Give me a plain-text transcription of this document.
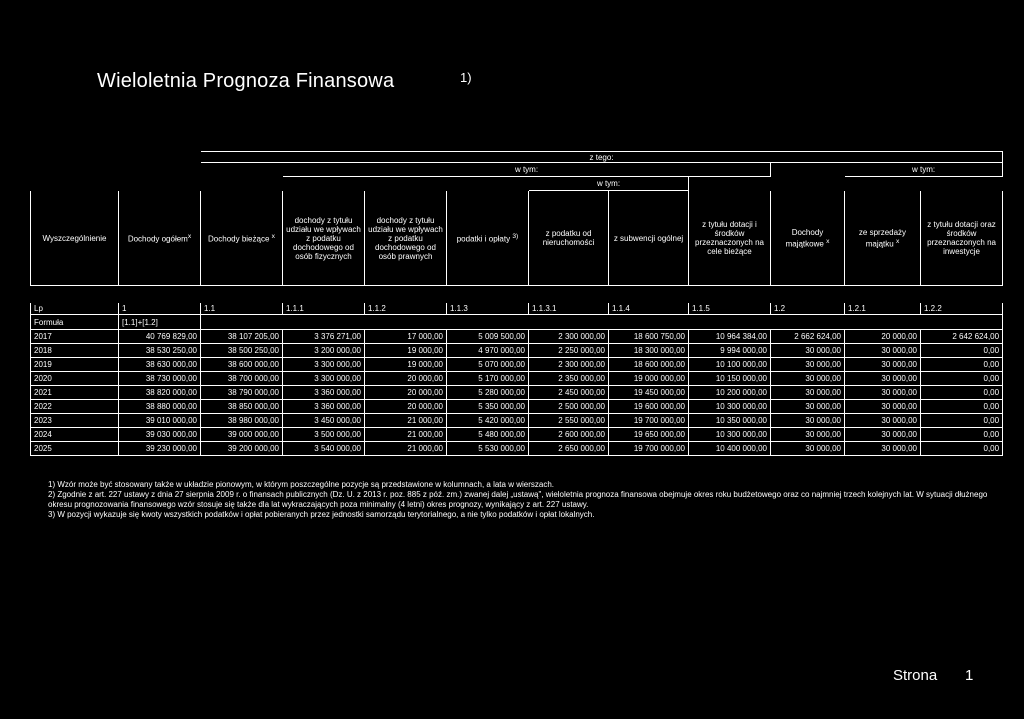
Wieloletnia Prognoza Finansowa	1)
		z tego:									
			w tym:							w tym:	
						w tym:					
Wyszczególnienie	Dochody ogółem$^x$	Dochody bieżące $^x$	dochody z tytułu udziału we wpływach z podatku dochodowego od osób fizycznych	dochody z tytułu udziału we wpływach z podatku dochodowego od osób prawnych	podatki i opłaty $^{3)}$	z podatku od nieruchomości	z subwencji ogólnej	z tytułu dotacji i środków przeznaczonych na cele bieżące	Dochody majątkowe $^x$	ze sprzedaży majątku $^x$	z tytułu dotacji oraz środków przeznaczonych na inwestycje

Lp	1	1.1	1.1.1	1.1.2	1.1.3	1.1.3.1	1.1.4	1.1.5	1.2	1.2.1	1.2.2
Formuła	[1.1]+[1.2]										
2017	40 769 829,00	38 107 205,00	3 376 271,00	17 000,00	5 009 500,00	2 300 000,00	18 600 750,00	10 964 384,00	2 662 624,00	20 000,00	2 642 624,00
2018	38 530 250,00	38 500 250,00	3 200 000,00	19 000,00	4 970 000,00	2 250 000,00	18 300 000,00	9 994 000,00	30 000,00	30 000,00	0,00
2019	38 630 000,00	38 600 000,00	3 300 000,00	19 000,00	5 070 000,00	2 300 000,00	18 600 000,00	10 100 000,00	30 000,00	30 000,00	0,00
2020	38 730 000,00	38 700 000,00	3 300 000,00	20 000,00	5 170 000,00	2 350 000,00	19 000 000,00	10 150 000,00	30 000,00	30 000,00	0,00
2021	38 820 000,00	38 790 000,00	3 360 000,00	20 000,00	5 280 000,00	2 450 000,00	19 450 000,00	10 200 000,00	30 000,00	30 000,00	0,00
2022	38 880 000,00	38 850 000,00	3 360 000,00	20 000,00	5 350 000,00	2 500 000,00	19 600 000,00	10 300 000,00	30 000,00	30 000,00	0,00
2023	39 010 000,00	38 980 000,00	3 450 000,00	21 000,00	5 420 000,00	2 550 000,00	19 700 000,00	10 350 000,00	30 000,00	30 000,00	0,00
2024	39 030 000,00	39 000 000,00	3 500 000,00	21 000,00	5 480 000,00	2 600 000,00	19 650 000,00	10 300 000,00	30 000,00	30 000,00	0,00
2025	39 230 000,00	39 200 000,00	3 540 000,00	21 000,00	5 530 000,00	2 650 000,00	19 700 000,00	10 400 000,00	30 000,00	30 000,00	0,00

1) Wzór może być stosowany także w układzie pionowym, w którym poszczególne pozycje są przedstawione w kolumnach, a lata w wierszach.

2) Zgodnie z art. 227 ustawy z dnia 27 sierpnia 2009 r. o finansach publicznych (Dz. U. z 2013 r. poz. 885 z póź. zm.) zwanej dalej „ustawą", wieloletnia prognoza finansowa obejmuje okres roku budżetowego oraz co najmniej trzech kolejnych lat. W sytuacji dłużnego okresu prognozowania finansowego wzór stosuje się także dla lat wykraczających poza minimalny (4 letni) okres prognozy, wynikający z art. 227 ustawy.

3) W pozycji wykazuje się kwoty wszystkich podatków i opłat pobieranych przez jednostki samorządu terytorialnego, a nie tylko podatków i opłat lokalnych.

Strona 1
